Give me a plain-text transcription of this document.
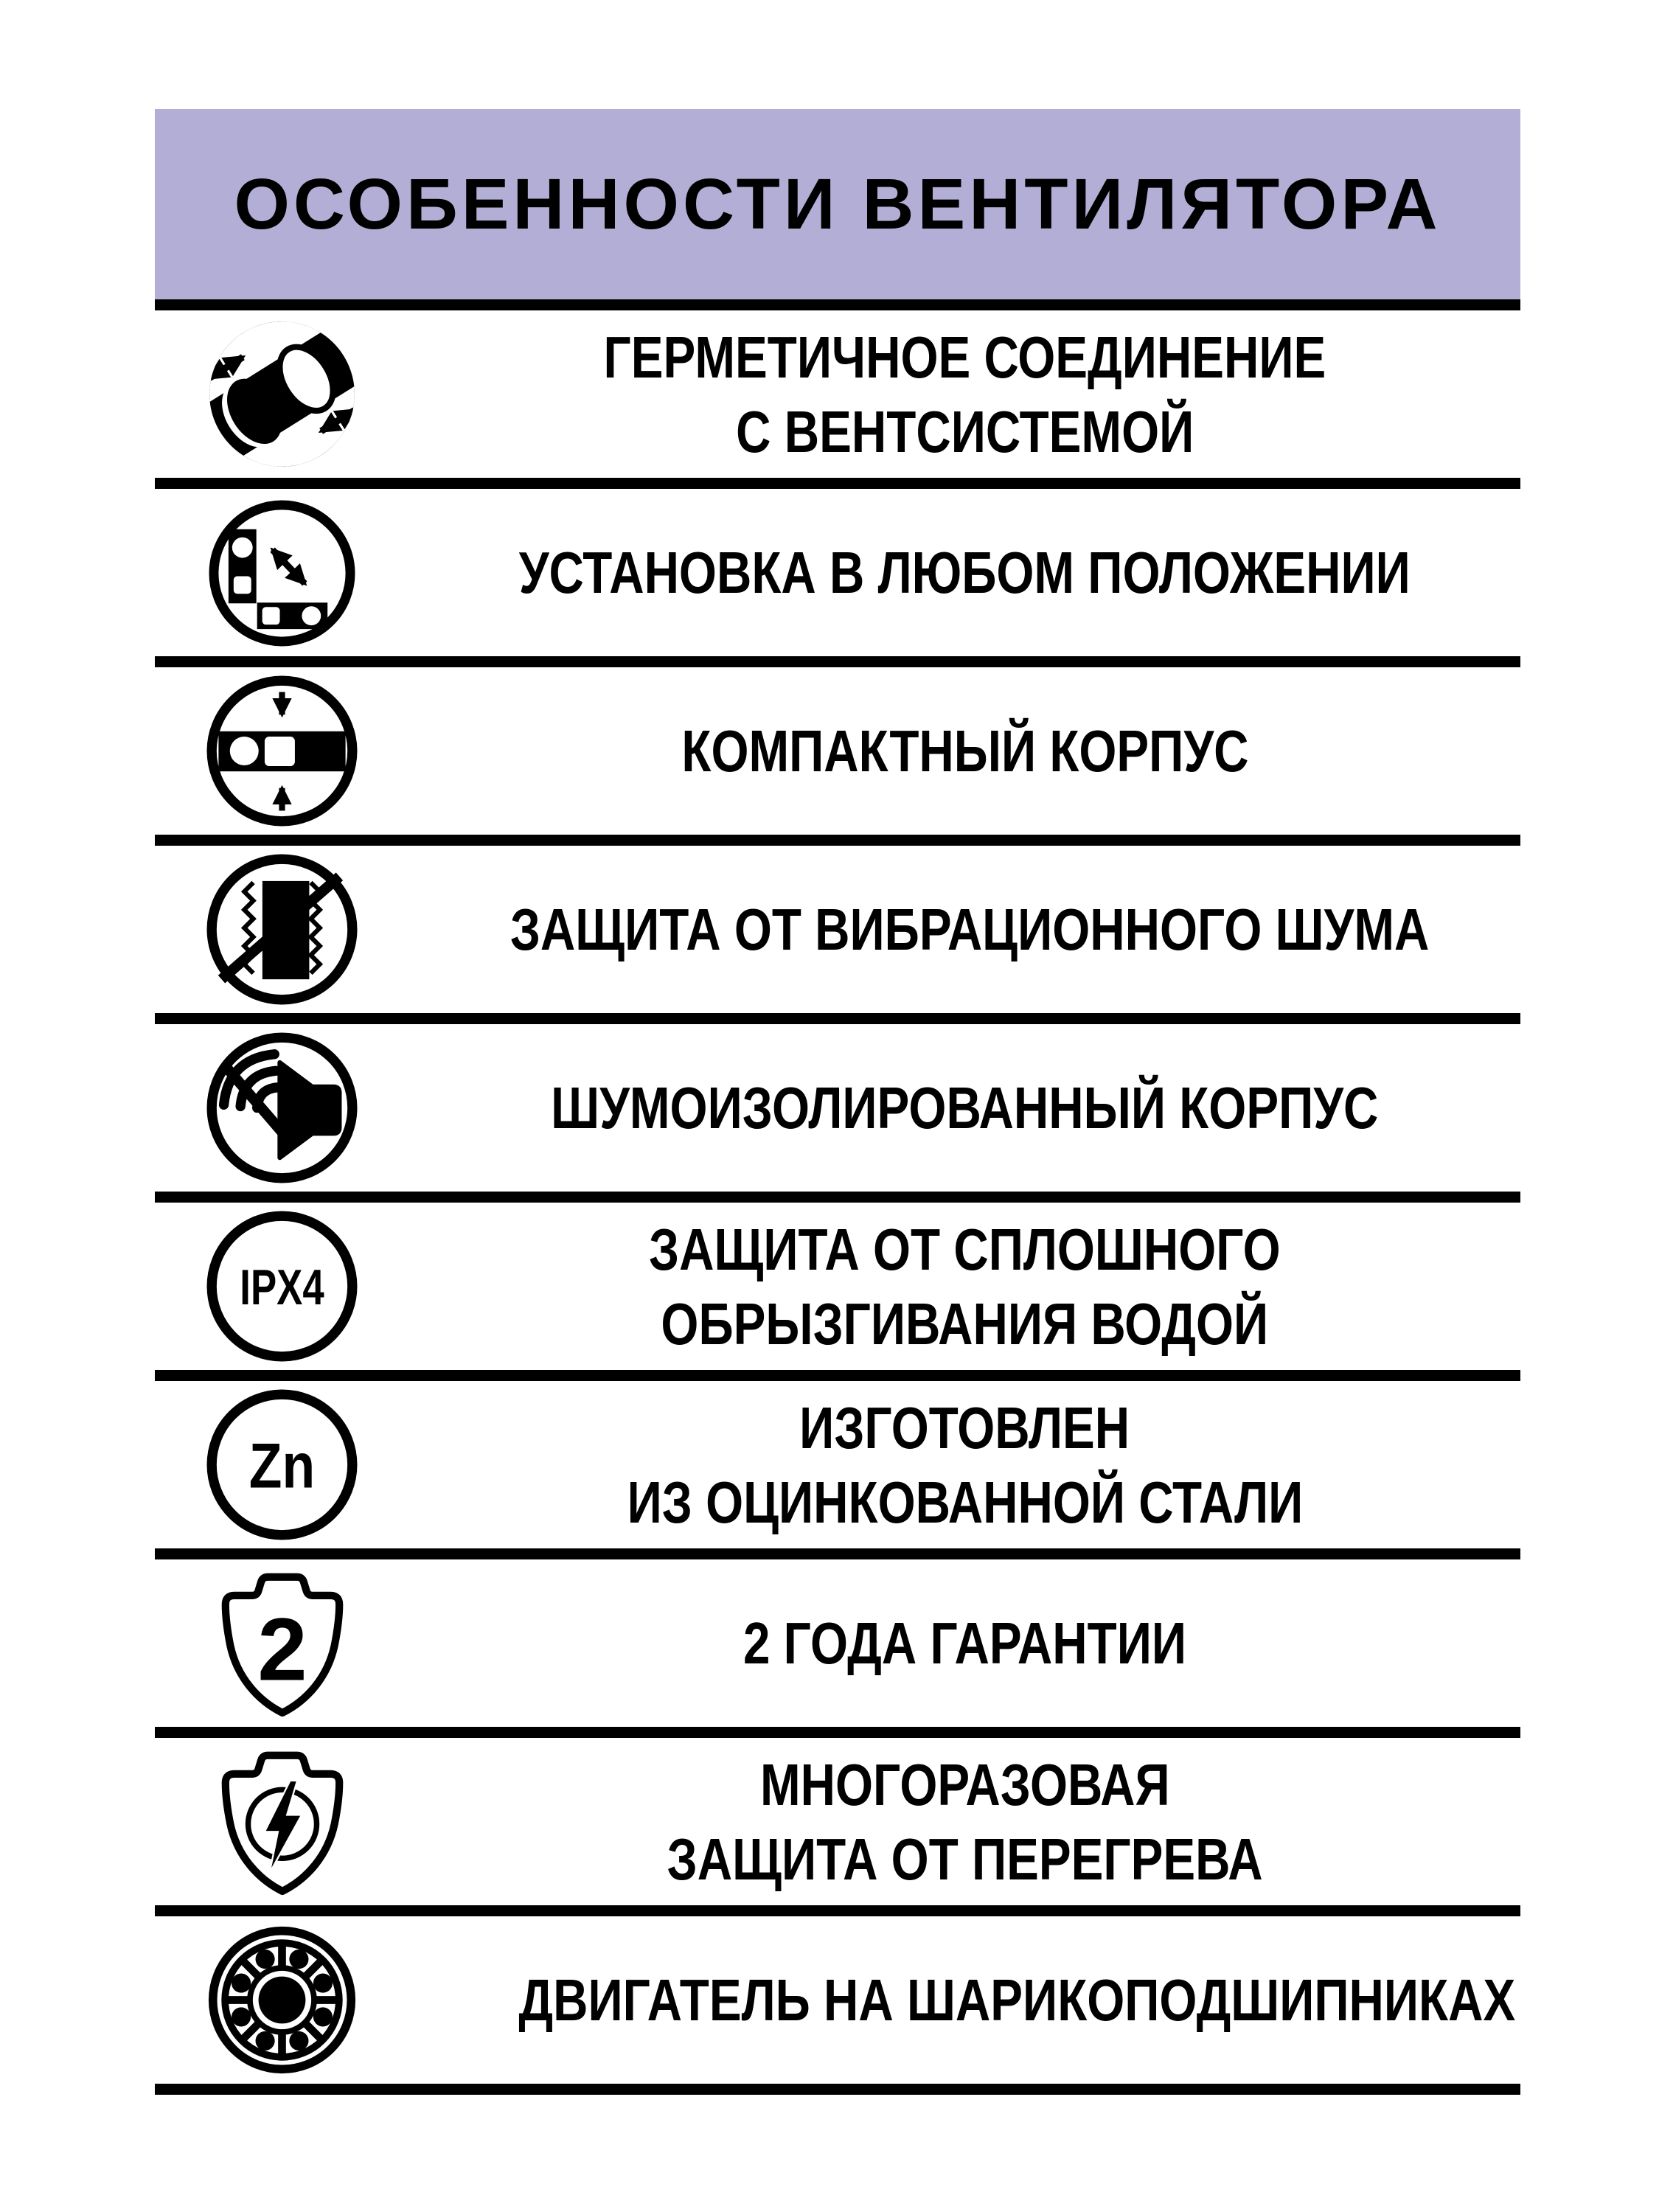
ОСОБЕННОСТИ ВЕНТИЛЯТОРА
ГЕРМЕТИЧНОЕ СОЕДИНЕНИЕ
С ВЕНТСИСТЕМОЙ
УСТАНОВКА В ЛЮБОМ ПОЛОЖЕНИИ
КОМПАКТНЫЙ КОРПУС
ЗАЩИТА ОТ ВИБРАЦИОННОГО ШУМА
ШУМОИЗОЛИРОВАННЫЙ КОРПУС
IPX4
ЗАЩИТА ОТ СПЛОШНОГО
ОБРЫЗГИВАНИЯ ВОДОЙ
Zn
ИЗГОТОВЛЕН
ИЗ ОЦИНКОВАННОЙ СТАЛИ
2	2 ГОДА ГАРАНТИИ
МНОГОРАЗОВАЯ
ЗАЩИТА ОТ ПЕРЕГРЕВА
ДВИГАТЕЛЬ НА ШАРИКОПОДШИПНИКАХ
